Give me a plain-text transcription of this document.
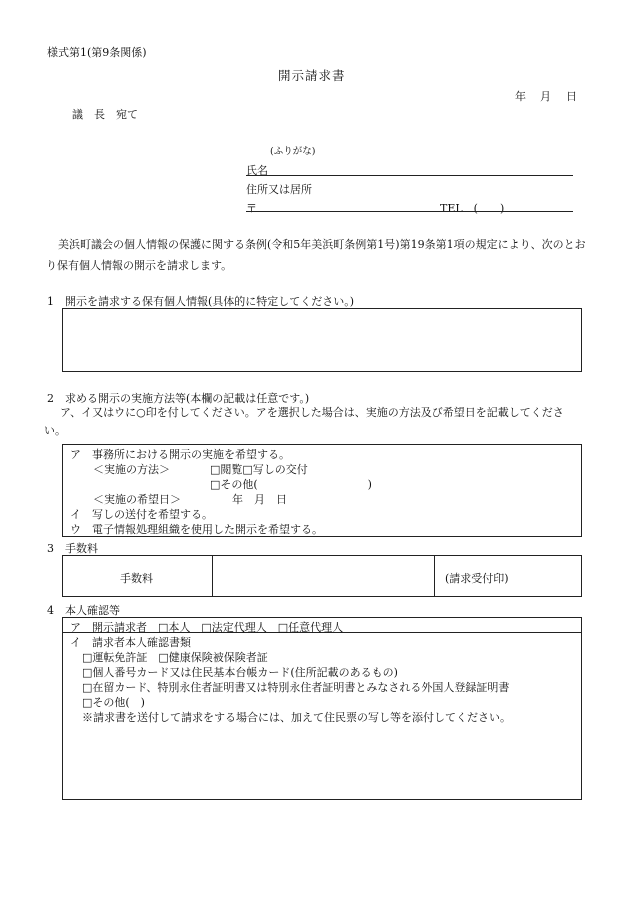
様式第1(第9条関係)
開示請求書
年 月 日
議　長　宛て
(ふりがな)
氏名
住所又は居所
〒	TEL　(　　)
美浜町議会の個人情報の保護に関する条例(令和5年美浜町条例第1号)第19条第1項の規定により、次のとおり保有個人情報の開示を請求します。
1　開示を請求する保有個人情報(具体的に特定してください。)
2　求める開示の実施方法等(本欄の記載は任意です。)
ア、イ又はウに○印を付してください。アを選択した場合は、実施の方法及び希望日を記載してください。
ア　事務所における開示の実施を希望する。
＜実施の方法＞	□閲覧□写しの交付
□その他(　　　　　　　　　　)
＜実施の希望日＞	年　月　日
イ　写しの送付を希望する。
ウ　電子情報処理組織を使用した開示を希望する。
3　手数料
手数料	(請求受付印)
4　本人確認等
ア　開示請求者　□本人　□法定代理人　□任意代理人
イ　請求者本人確認書類
□運転免許証　□健康保険被保険者証
□個人番号カード又は住民基本台帳カード(住所記載のあるもの)
□在留カード、特別永住者証明書又は特別永住者証明書とみなされる外国人登録証明書
□その他(　)
※請求書を送付して請求をする場合には、加えて住民票の写し等を添付してください。
